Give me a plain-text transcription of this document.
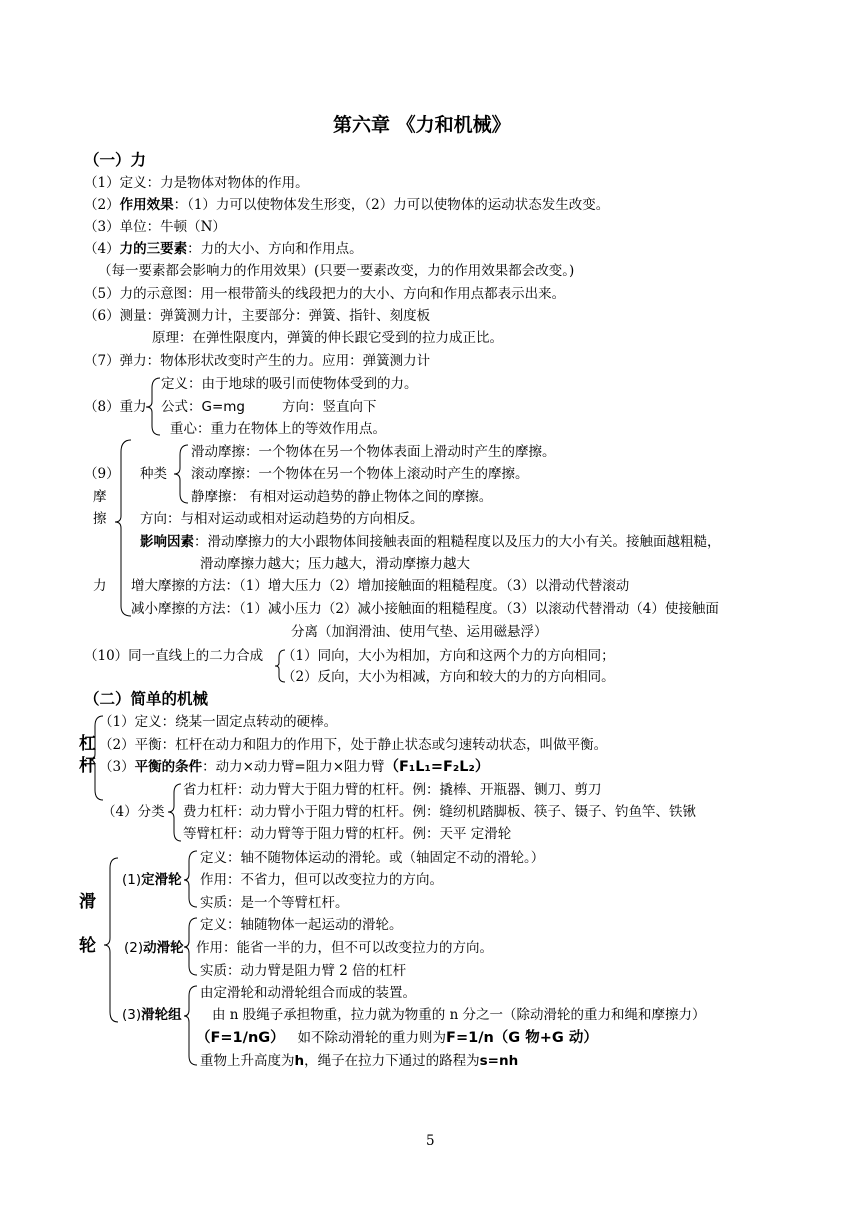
第六章 《力和机械》
（一）力
（1）定义：力是物体对物体的作用。
（2）作用效果：（1）力可以使物体发生形变，（2）力可以使物体的运动状态发生改变。
（3）单位：牛顿（N）
（4）力的三要素：力的大小、方向和作用点。
（每一要素都会影响力的作用效果）(只要一要素改变，力的作用效果都会改变。)
（5）力的示意图：用一根带箭头的线段把力的大小、方向和作用点都表示出来。
（6）测量：弹簧测力计，主要部分：弹簧、指针、刻度板
原理：在弹性限度内，弹簧的伸长跟它受到的拉力成正比。
（7）弹力：物体形状改变时产生的力。应用：弹簧测力计
（8）重力
定义：由于地球的吸引而使物体受到的力。
公式：G=mg	方向：竖直向下
重心：重力在物体上的等效作用点。
（9）
摩
擦
力
种类
滑动摩擦：一个物体在另一个物体表面上滑动时产生的摩擦。
滚动摩擦：一个物体在另一个物体上滚动时产生的摩擦。
静摩擦： 有相对运动趋势的静止物体之间的摩擦。
方向：与相对运动或相对运动趋势的方向相反。
影响因素：滑动摩擦力的大小跟物体间接触表面的粗糙程度以及压力的大小有关。接触面越粗糙，
滑动摩擦力越大；压力越大，滑动摩擦力越大
增大摩擦的方法：（1）增大压力（2）增加接触面的粗糙程度。（3）以滑动代替滚动
减小摩擦的方法：（1）减小压力（2）减小接触面的粗糙程度。（3）以滚动代替滑动（4）使接触面
分离（加润滑油、使用气垫、运用磁悬浮）
（10）同一直线上的二力合成 （1）同向，大小为相加，方向和这两个力的方向相同；
（2）反向，大小为相减，方向和较大的力的方向相同。
（二）简单的机械
杠
杆
（1）定义：绕某一固定点转动的硬棒。
（2）平衡：杠杆在动力和阻力的作用下，处于静止状态或匀速转动状态，叫做平衡。
（3）平衡的条件：动力×动力臂=阻力×阻力臂（F₁L₁=F₂L₂）
（4）分类
省力杠杆：动力臂大于阻力臂的杠杆。例：撬棒、开瓶器、铡刀、剪刀
费力杠杆：动力臂小于阻力臂的杠杆。例：缝纫机踏脚板、筷子、镊子、钓鱼竿、铁锹
等臂杠杆：动力臂等于阻力臂的杠杆。例：天平 定滑轮
滑
轮
(1)定滑轮
定义：轴不随物体运动的滑轮。或（轴固定不动的滑轮。）
作用：不省力，但可以改变拉力的方向。
实质：是一个等臂杠杆。
(2)动滑轮
定义：轴随物体一起运动的滑轮。
作用：能省一半的力，但不可以改变拉力的方向。
实质：动力臂是阻力臂 2 倍的杠杆
(3)滑轮组
由定滑轮和动滑轮组合而成的装置。
由 n 股绳子承担物重，拉力就为物重的 n 分之一（除动滑轮的重力和绳和摩擦力）
（F=1/nG） 如不除动滑轮的重力则为F=1/n（G 物+G 动）
重物上升高度为h，绳子在拉力下通过的路程为s=nh
5
